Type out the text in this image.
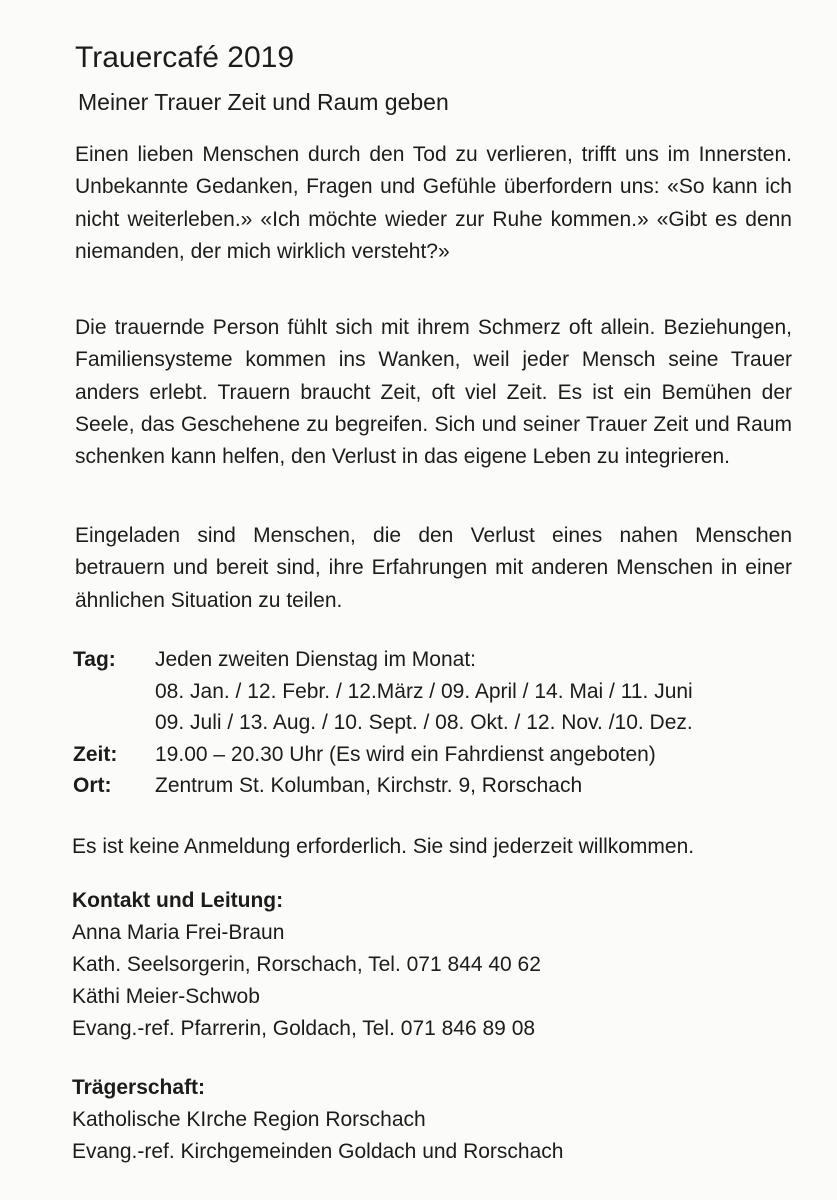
Trauercafé 2019
Meiner Trauer Zeit und Raum geben

Einen lieben Menschen durch den Tod zu verlieren, trifft uns im Innersten. Unbekannte Gedanken, Fragen und Gefühle überfordern uns: «So kann ich nicht weiterleben.» «Ich möchte wieder zur Ruhe kommen.» «Gibt es denn niemanden, der mich wirklich versteht?»

Die trauernde Person fühlt sich mit ihrem Schmerz oft allein. Beziehungen, Familiensysteme kommen ins Wanken, weil jeder Mensch seine Trauer anders erlebt. Trauern braucht Zeit, oft viel Zeit. Es ist ein Bemühen der Seele, das Geschehene zu begreifen. Sich und seiner Trauer Zeit und Raum schenken kann helfen, den Verlust in das eigene Leben zu integrieren.

Eingeladen sind Menschen, die den Verlust eines nahen Menschen betrauern und bereit sind, ihre Erfahrungen mit anderen Menschen in einer ähnlichen Situation zu teilen.

Tag:	Jeden zweiten Dienstag im Monat:
08. Jan. / 12. Febr. / 12.März / 09. April / 14. Mai / 11. Juni
09. Juli / 13. Aug. / 10. Sept. / 08. Okt. / 12. Nov. /10. Dez.
Zeit:	19.00 – 20.30 Uhr (Es wird ein Fahrdienst angeboten)
Ort:	Zentrum St. Kolumban, Kirchstr. 9, Rorschach
Es ist keine Anmeldung erforderlich. Sie sind jederzeit willkommen.
Kontakt und Leitung:
Anna Maria Frei-Braun
Kath. Seelsorgerin, Rorschach, Tel. 071 844 40 62
Käthi Meier-Schwob
Evang.-ref. Pfarrerin, Goldach, Tel. 071 846 89 08
Trägerschaft:
Katholische KIrche Region Rorschach
Evang.-ref. Kirchgemeinden Goldach und Rorschach
